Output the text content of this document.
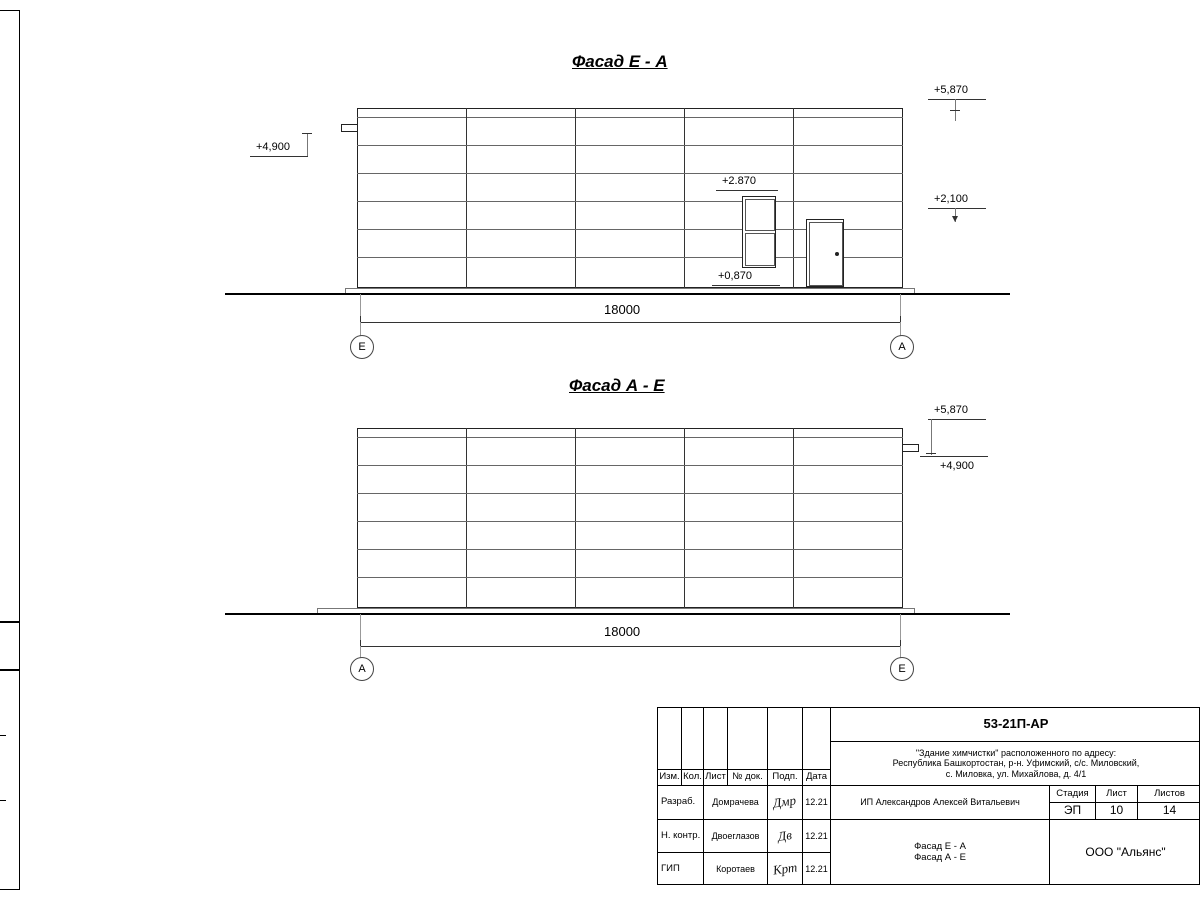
Фасад Е - А
+5,870
+2,100
+4,900
+2.870
+0,870
18000
Е	А
Фасад А - Е
+5,870
+4,900
18000
А	Е
Изм. Кол. Лист № док.	Подп. Дата
Разраб.	Домрачева	Дмр 12.21
Н. контр.	Двоеглазов	Дв 12.21
ГИП	Коротаев	Крт 12.21
53-21П-АР
"Здание химчистки" расположенного по адресу:
Республика Башкортостан, р-н. Уфимский, с/с. Миловский,
с. Миловка, ул. Михайлова, д. 4/1
ИП Александров Алексей Витальевич
Стадия	Лист	Листов
ЭП	10	14
Фасад Е - А
Фасад А - Е	ООО "Альянс"
